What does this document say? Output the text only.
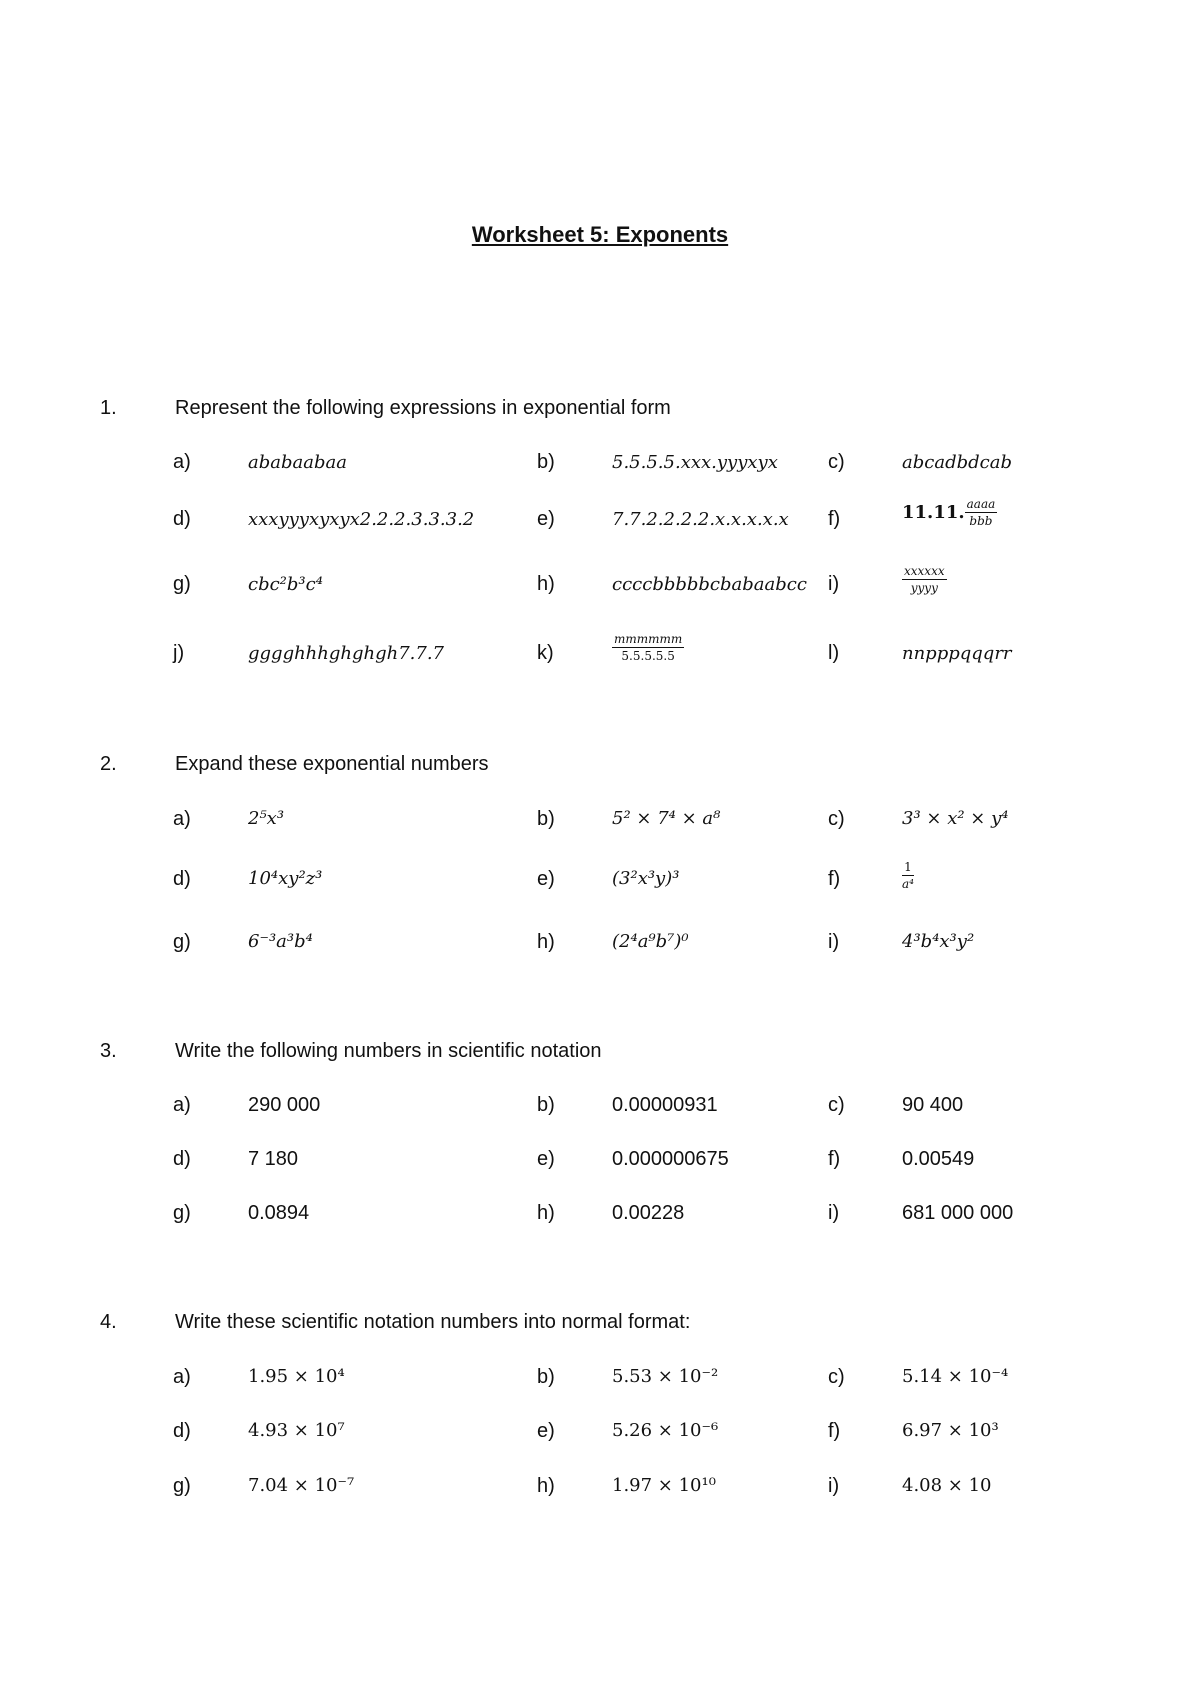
Worksheet 5: Exponents
1.	Represent the following expressions in exponential form
a)	ababaabaa	b)	5.5.5.5.xxx.yyyxyx	c)	abcadbdcab
d)	xxxyyyxyxyx2.2.2.3.3.3.2	e)	7.7.2.2.2.2.x.x.x.x.x f)	11.11. $\frac{\text{aaaa}}{\text{bbb}}$
g)	cbc²b³c⁴	h)	ccccbbbbbcbabaabcc i)	$\frac{\text{xxxxxx}}{\text{yyyy}}$
j)	gggghhhghghgh7.7.7	k)	$\frac{\text{mmmmmm}}{5.5.5.5.5}$	l)	nnpppqqqrr
2.	Expand these exponential numbers
a)	2⁵x³	b)	5² × 7⁴ × a⁸	c)	3³ × x² × y⁴
d)	10⁴xy²z³	e)	(3²x³y)³	f)	$\frac{1}{\text{a⁴}}$
g)	6⁻³a³b⁴	h)	(2⁴a⁹b⁷)⁰	i)	4³b⁴x³y²
3.	Write the following numbers in scientific notation
a)	290 000	b)	0.00000931	c)	90 400
d)	7 180	e)	0.000000675	f)	0.00549
g)	0.0894	h)	0.00228	i)	681 000 000
4.	Write these scientific notation numbers into normal format:
a)	1.95 × 10⁴	b)	5.53 × 10⁻²	c)	5.14 × 10⁻⁴
d)	4.93 × 10⁷	e)	5.26 × 10⁻⁶	f)	6.97 × 10³
g)	7.04 × 10⁻⁷	h)	1.97 × 10¹⁰	i)	4.08 × 10
